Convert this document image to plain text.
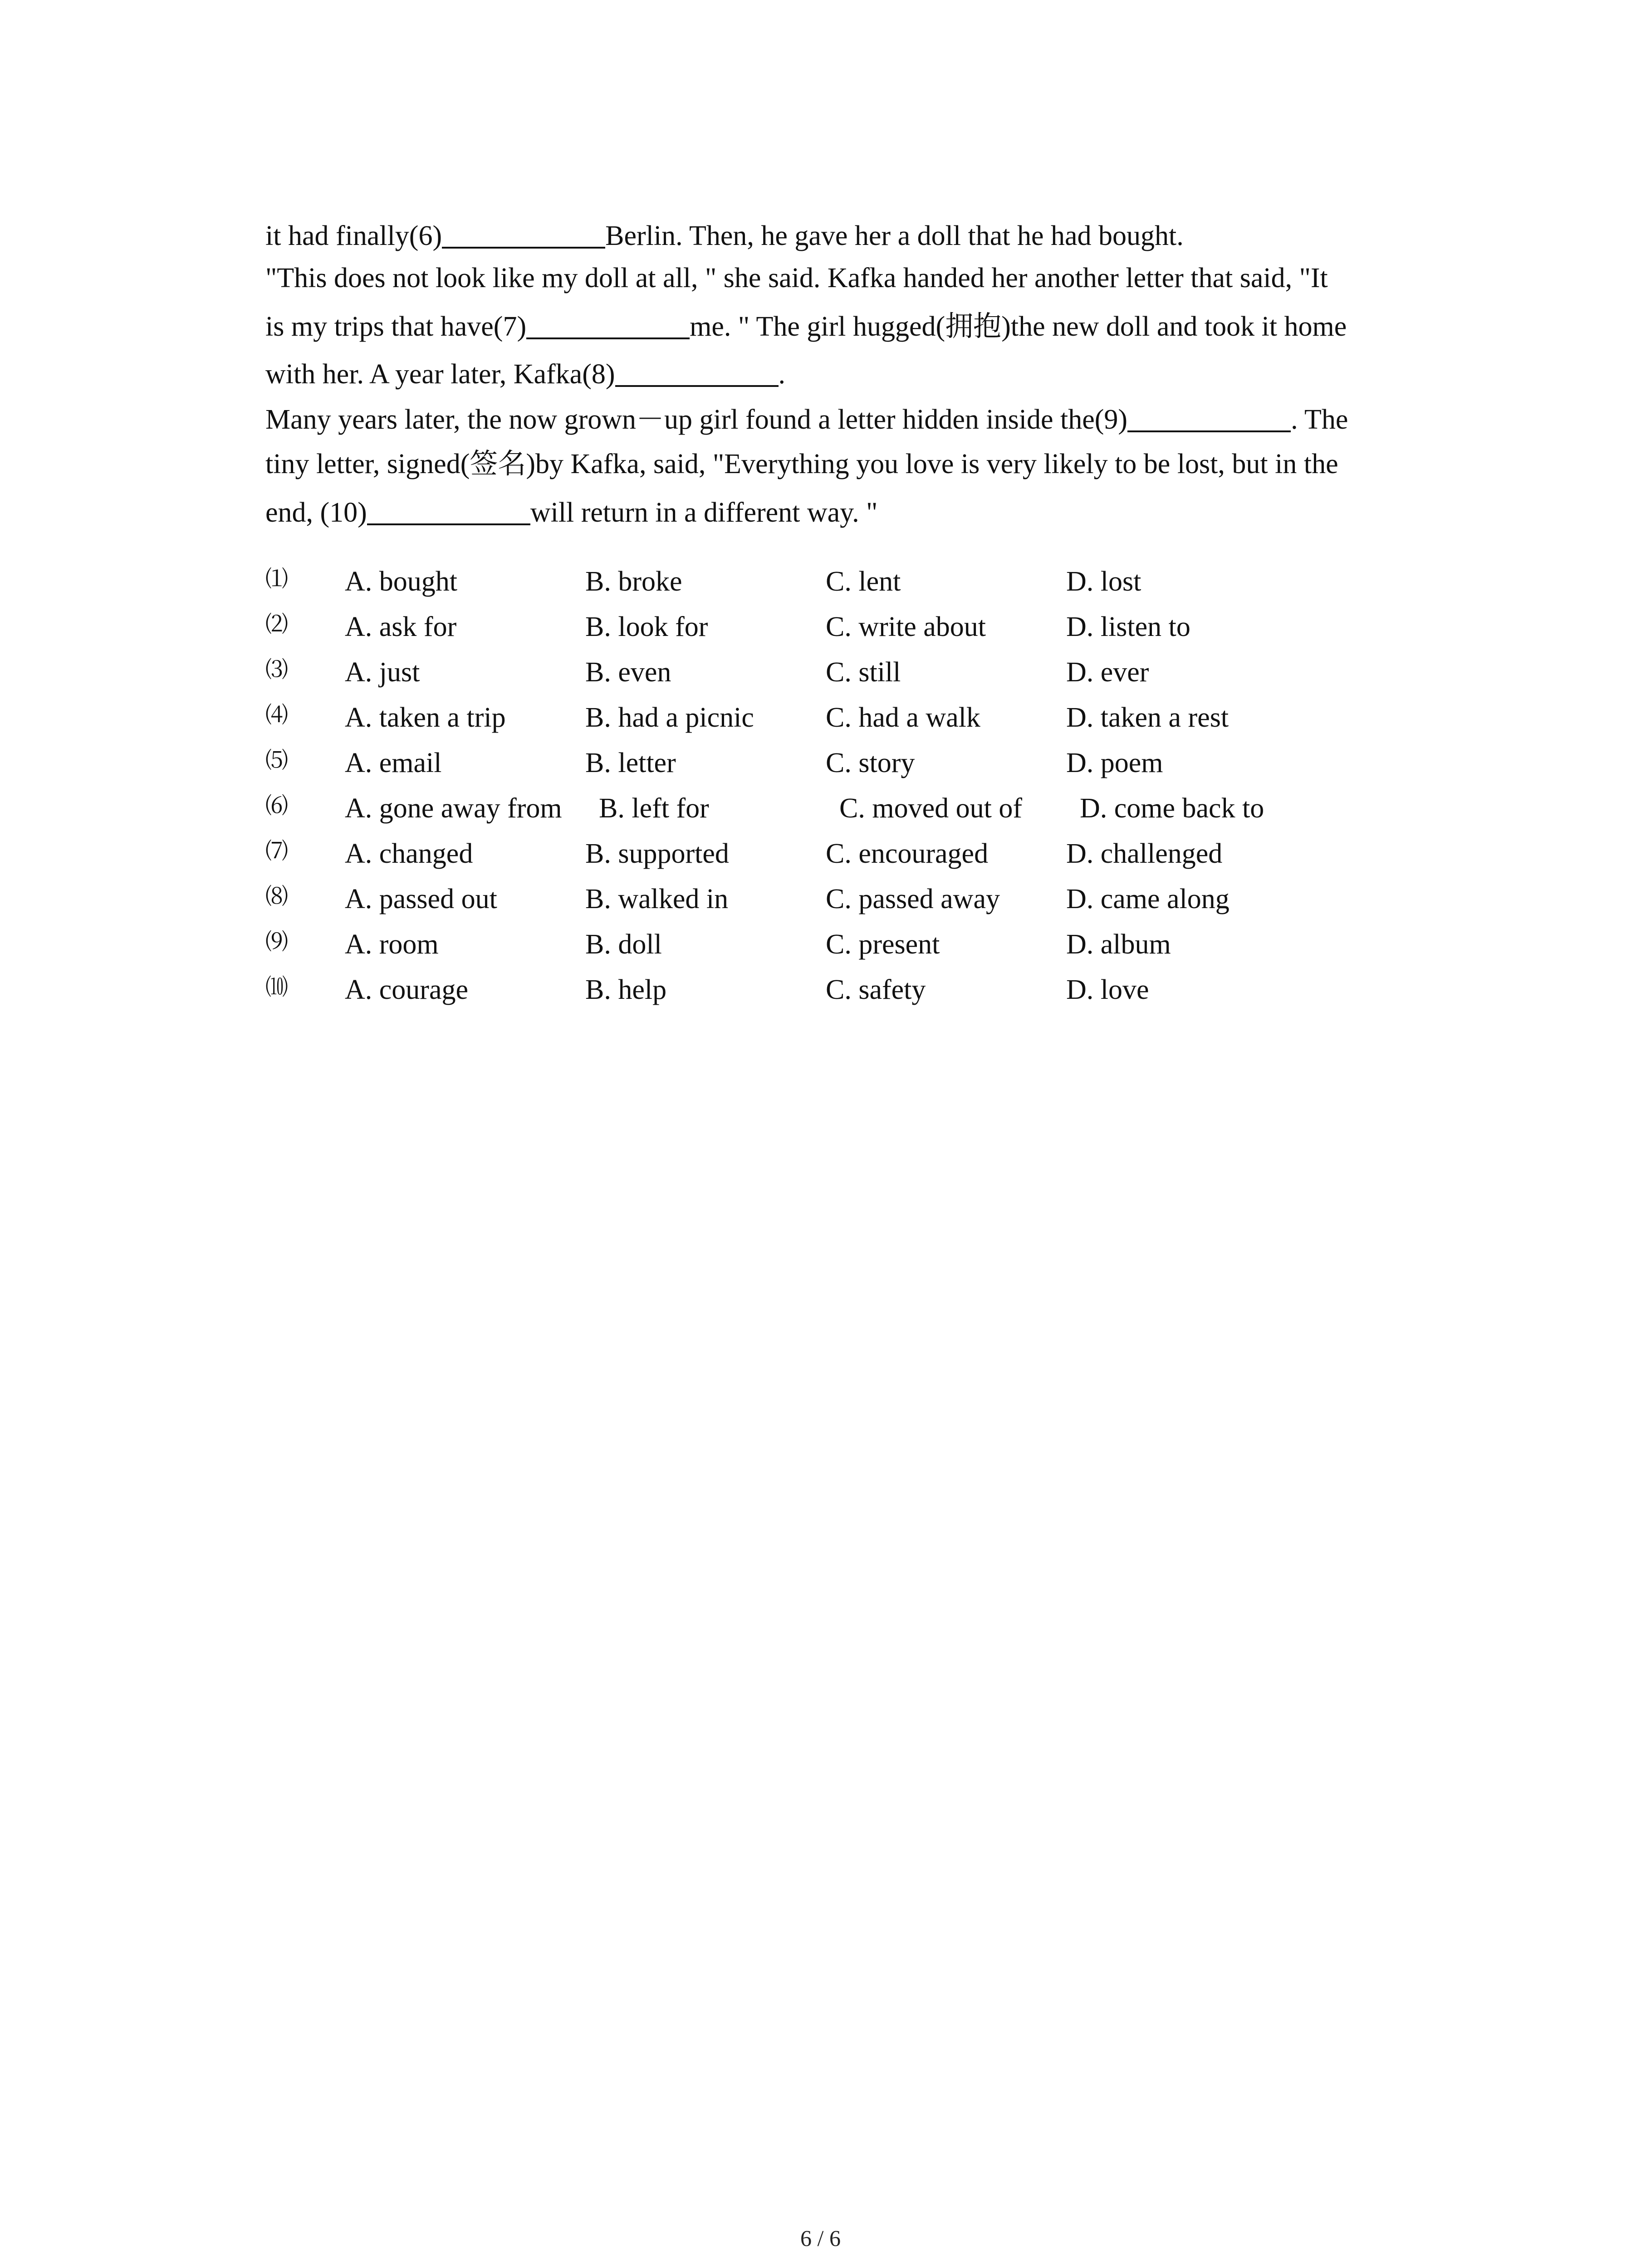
it had finally(6)	Berlin. Then, he gave her a doll that he had bought.
"This does not look like my doll at all, " she said. Kafka handed her another letter that said, "It
is my trips that have(7)	me. " The girl hugged(拥抱)the new doll and took it home
with her. A year later, Kafka(8)	.
Many years later, the now grown－up girl found a letter hidden inside the(9)	. The
tiny letter, signed(签名)by Kafka, said, "Everything you love is very likely to be lost, but in the
end, (10)	will return in a different way. "
⑴ A. bought	B. broke	C. lent	D. lost
⑵ A. ask for	B. look for	C. write about	D. listen to
⑶ A. just	B. even	C. still	D. ever
⑷ A. taken a trip	B. had a picnic	C. had a walk	D. taken a rest
⑸ A. email	B. letter	C. story	D. poem
⑹ A. gone away from B. left for	C. moved out of D. come back to
⑺ A. changed	B. supported	C. encouraged	D. challenged
⑻ A. passed out	B. walked in	C. passed away D. came along
⑼ A. room	B. doll	C. present	D. album
⑽ A. courage	B. help	C. safety	D. love
6 / 6
